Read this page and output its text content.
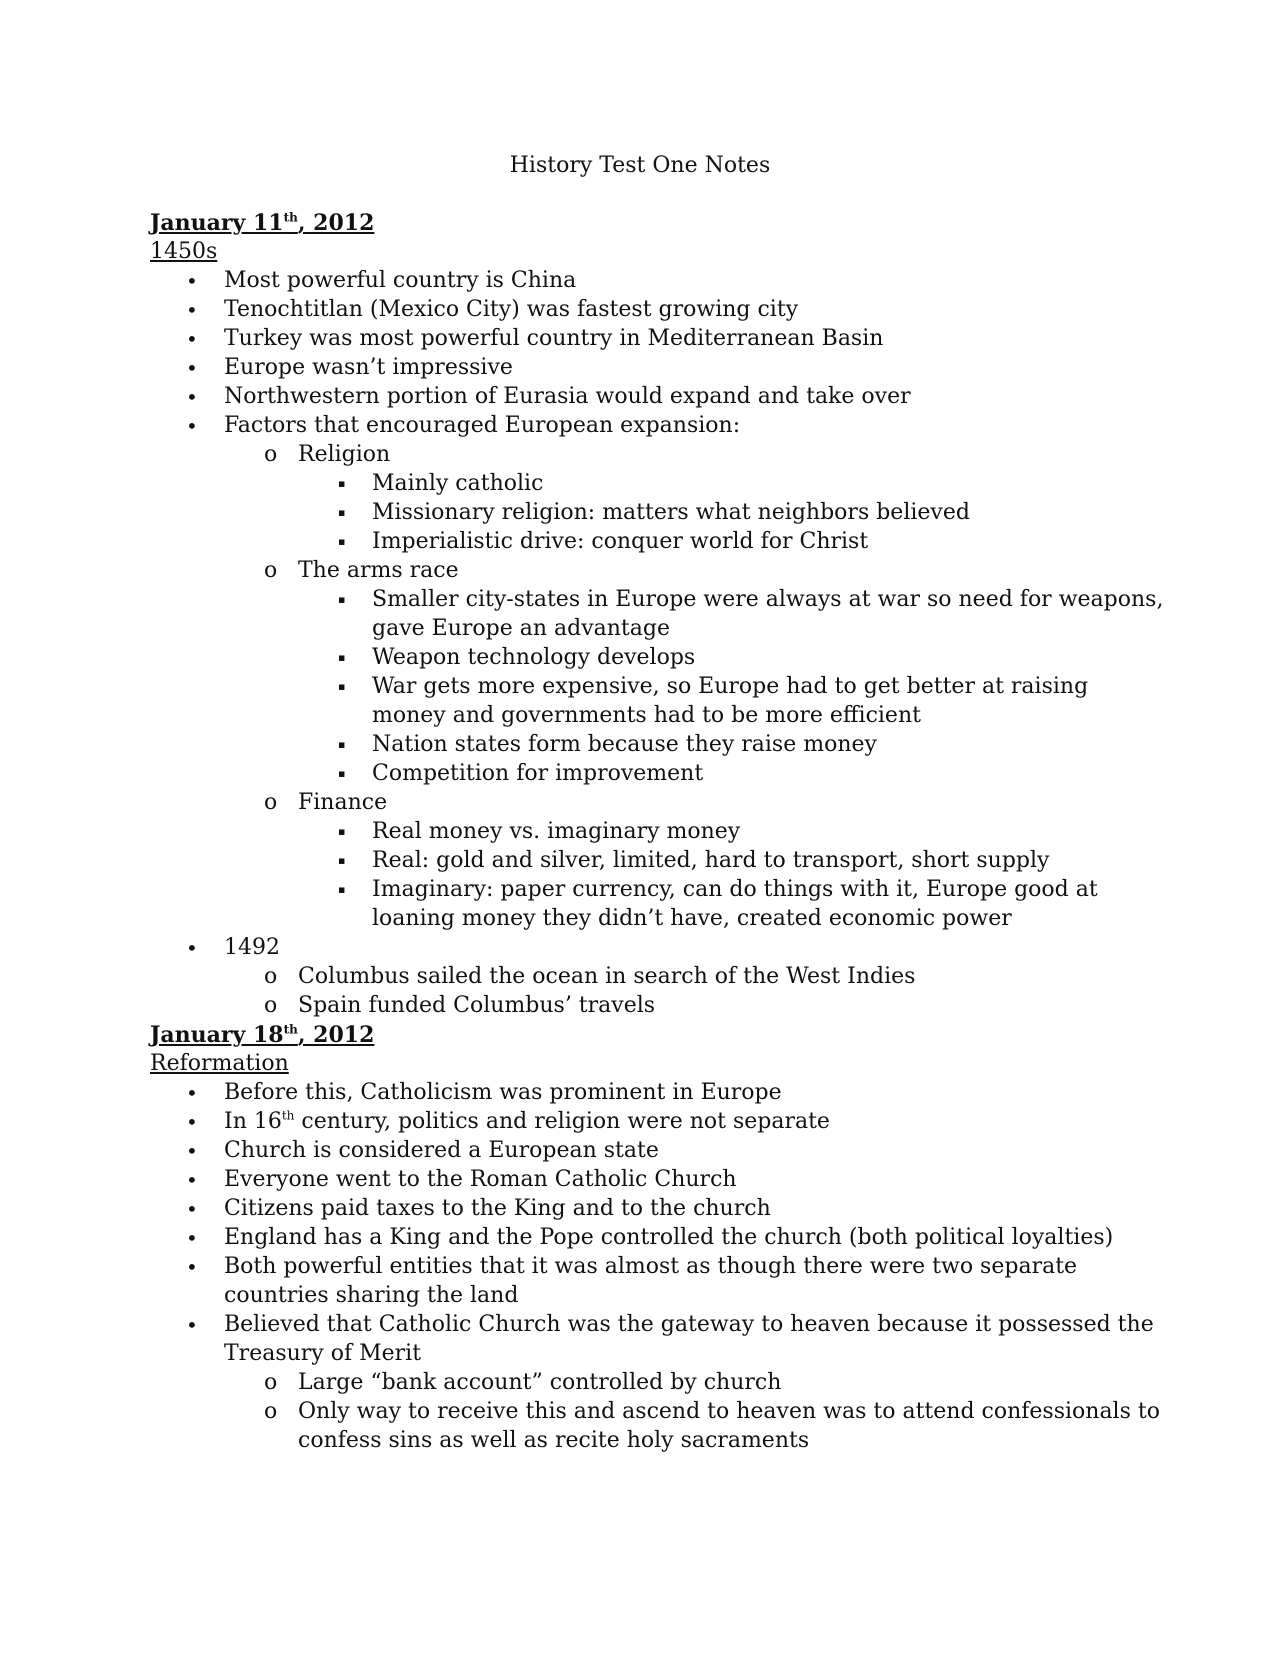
History Test One Notes
January 11th, 2012
1450s
• Most powerful country is China
• Tenochtitlan (Mexico City) was fastest growing city
• Turkey was most powerful country in Mediterranean Basin
• Europe wasn’t impressive
• Northwestern portion of Eurasia would expand and take over
• Factors that encouraged European expansion:
o Religion
▪ Mainly catholic
▪ Missionary religion: matters what neighbors believed
▪ Imperialistic drive: conquer world for Christ
o The arms race
▪ Smaller city-states in Europe were always at war so need for weapons,
gave Europe an advantage
▪ Weapon technology develops
▪ War gets more expensive, so Europe had to get better at raising
money and governments had to be more efficient
▪ Nation states form because they raise money
▪ Competition for improvement
o Finance
▪ Real money vs. imaginary money
▪ Real: gold and silver, limited, hard to transport, short supply
▪ Imaginary: paper currency, can do things with it, Europe good at
loaning money they didn’t have, created economic power
• 1492
o Columbus sailed the ocean in search of the West Indies
o Spain funded Columbus’ travels
January 18th, 2012
Reformation
• Before this, Catholicism was prominent in Europe
• In 16th century, politics and religion were not separate
• Church is considered a European state
• Everyone went to the Roman Catholic Church
• Citizens paid taxes to the King and to the church
• England has a King and the Pope controlled the church (both political loyalties)
• Both powerful entities that it was almost as though there were two separate
countries sharing the land
• Believed that Catholic Church was the gateway to heaven because it possessed the
Treasury of Merit
o Large “bank account” controlled by church
o Only way to receive this and ascend to heaven was to attend confessionals to
confess sins as well as recite holy sacraments
